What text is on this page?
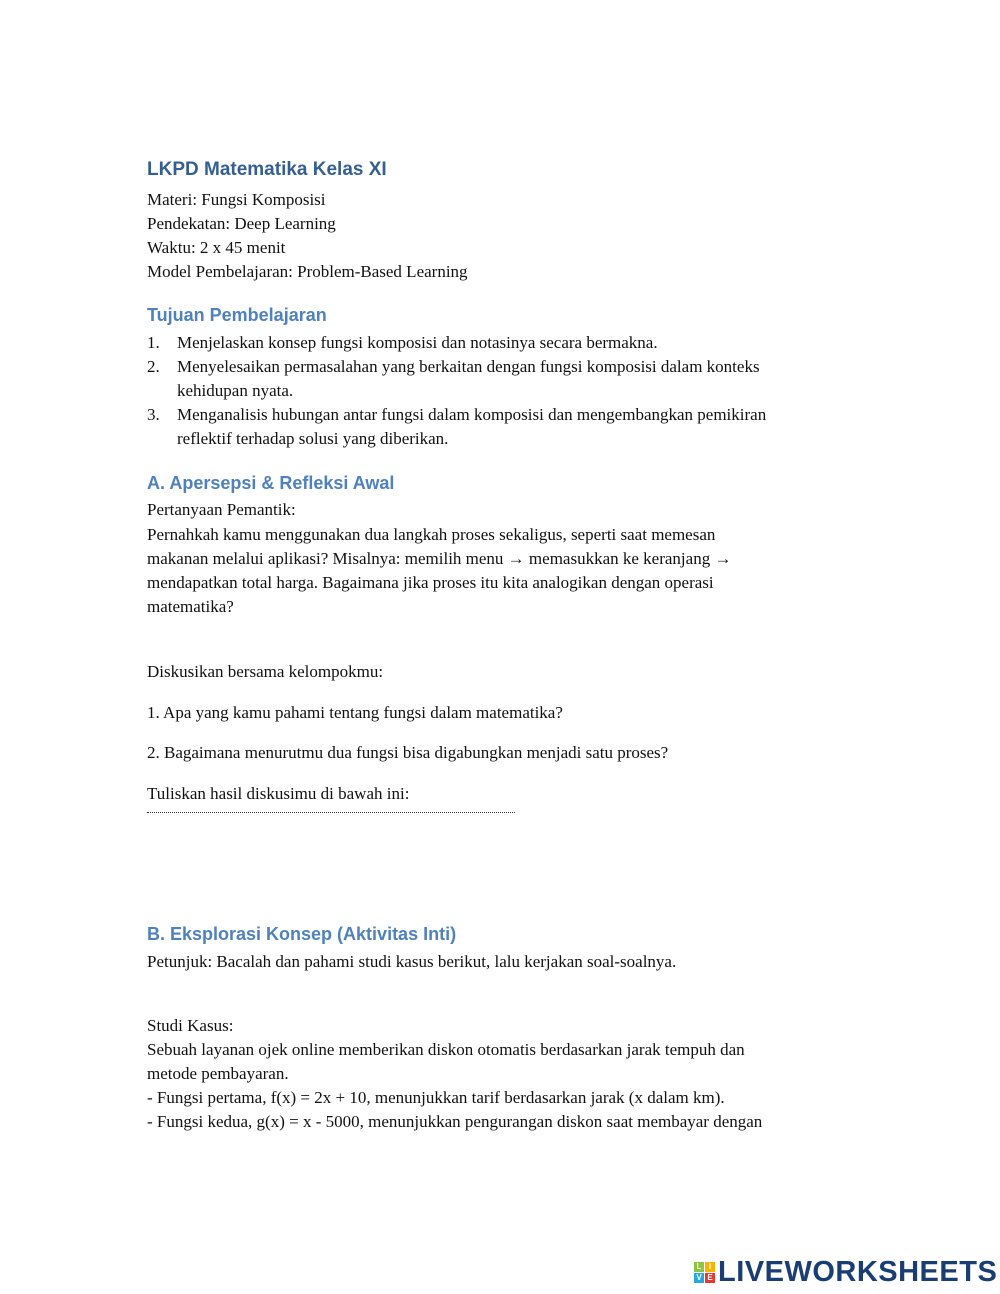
LKPD Matematika Kelas XI
Materi: Fungsi Komposisi
Pendekatan: Deep Learning
Waktu: 2 x 45 menit
Model Pembelajaran: Problem-Based Learning
Tujuan Pembelajaran
1. Menjelaskan konsep fungsi komposisi dan notasinya secara bermakna.
2. Menyelesaikan permasalahan yang berkaitan dengan fungsi komposisi dalam konteks
kehidupan nyata.
3. Menganalisis hubungan antar fungsi dalam komposisi dan mengembangkan pemikiran
reflektif terhadap solusi yang diberikan.
A. Apersepsi & Refleksi Awal
Pertanyaan Pemantik:
Pernahkah kamu menggunakan dua langkah proses sekaligus, seperti saat memesan
makanan melalui aplikasi? Misalnya: memilih menu → memasukkan ke keranjang →
mendapatkan total harga. Bagaimana jika proses itu kita analogikan dengan operasi
matematika?
Diskusikan bersama kelompokmu:
1. Apa yang kamu pahami tentang fungsi dalam matematika?
2. Bagaimana menurutmu dua fungsi bisa digabungkan menjadi satu proses?
Tuliskan hasil diskusimu di bawah ini:
B. Eksplorasi Konsep (Aktivitas Inti)
Petunjuk: Bacalah dan pahami studi kasus berikut, lalu kerjakan soal-soalnya.
Studi Kasus:
Sebuah layanan ojek online memberikan diskon otomatis berdasarkan jarak tempuh dan
metode pembayaran.
- Fungsi pertama, f(x) = 2x + 10, menunjukkan tarif berdasarkan jarak (x dalam km).
- Fungsi kedua, g(x) = x - 5000, menunjukkan pengurangan diskon saat membayar dengan
L I
V E LIVEWORKSHEETS
